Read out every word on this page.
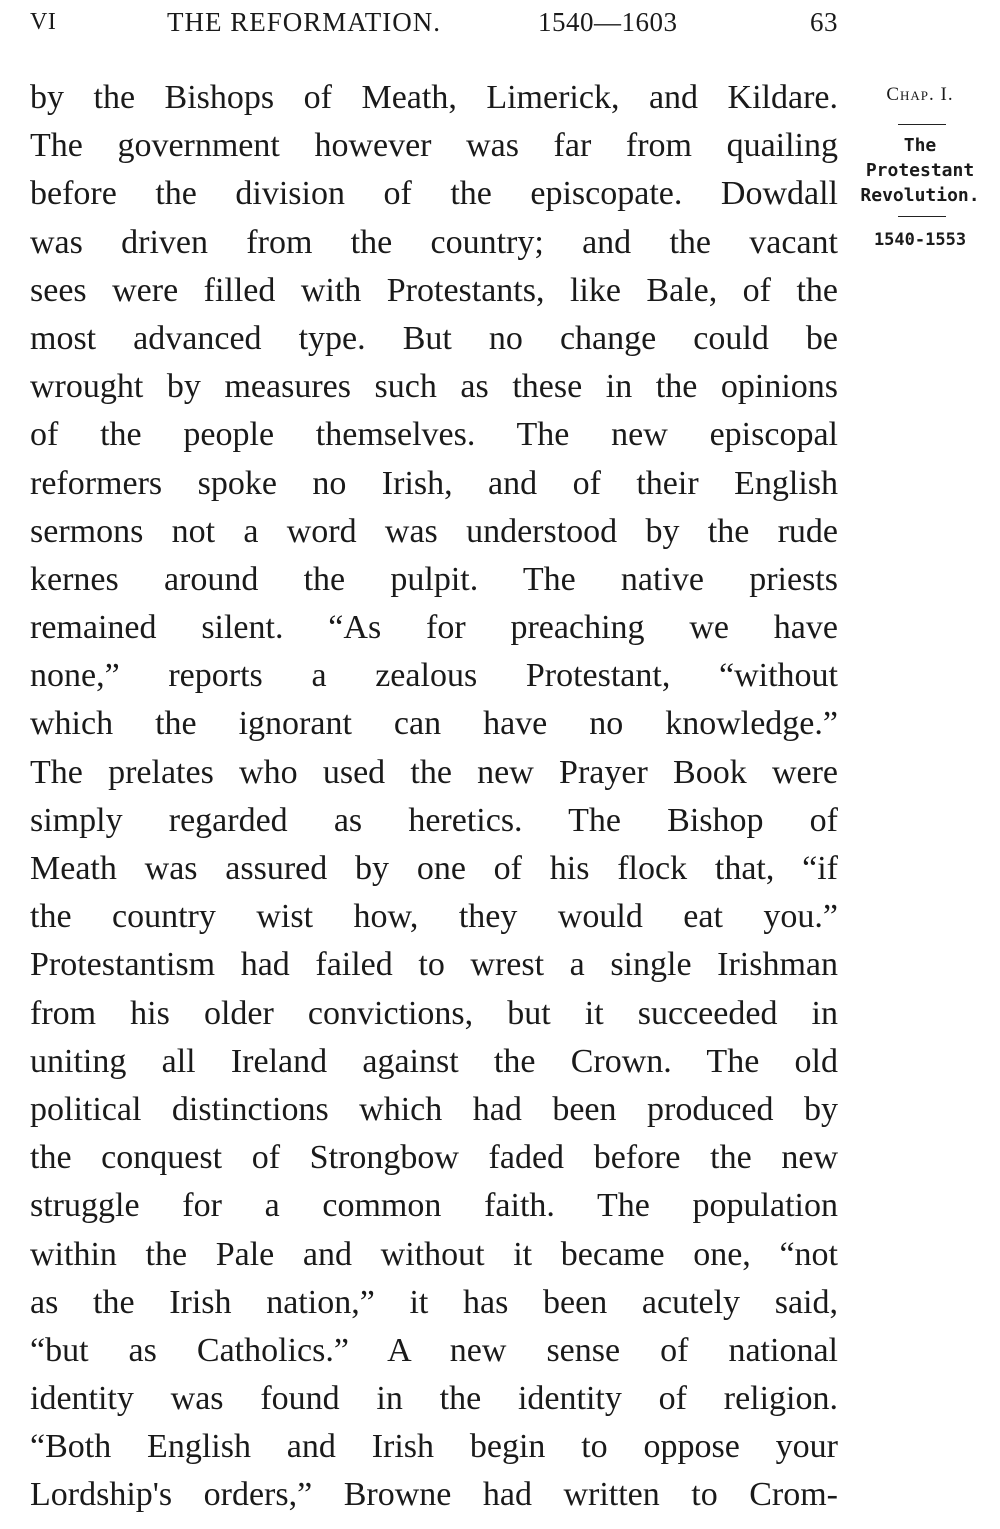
VI	THE REFORMATION.	1540—1603	63
by the Bishops of Meath, Limerick, and Kildare.
The government however was far from quailing
before the division of the episcopate. Dowdall
was driven from the country; and the vacant
sees were filled with Protestants, like Bale, of the
most advanced type. But no change could be
wrought by measures such as these in the opinions
of the people themselves. The new episcopal
reformers spoke no Irish, and of their English
sermons not a word was understood by the rude
kernes around the pulpit. The native priests
remained silent. “As for preaching we have
none,” reports a zealous Protestant, “without
which the ignorant can have no knowledge.”
The prelates who used the new Prayer Book were
simply regarded as heretics. The Bishop of
Meath was assured by one of his flock that, “if
the country wist how, they would eat you.”
Protestantism had failed to wrest a single Irishman
from his older convictions, but it succeeded in
uniting all Ireland against the Crown. The old
political distinctions which had been produced by
the conquest of Strongbow faded before the new
struggle for a common faith. The population
within the Pale and without it became one, “not
as the Irish nation,” it has been acutely said,
“but as Catholics.” A new sense of national
identity was found in the identity of religion.
“Both English and Irish begin to oppose your
Lordship's orders,” Browne had written to Crom-
Chap. I.
The
Protestant
Revolution.
1540-1553
